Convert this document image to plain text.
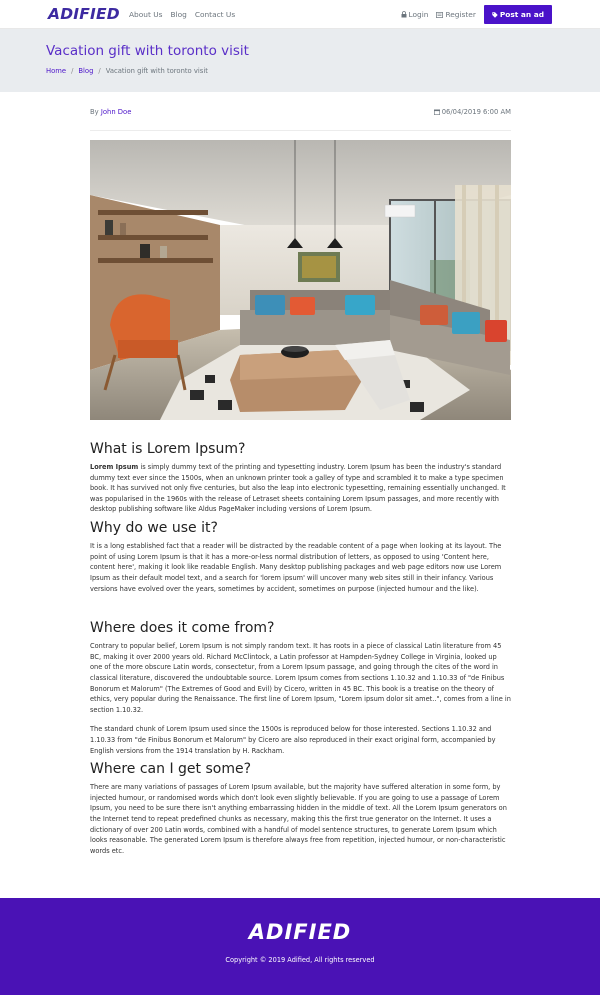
ADIFIED About Us Blog Contact Us	Login Register	Post an ad
Vacation gift with toronto visit
Home / Blog / Vacation gift with toronto visit
By John Doe	06/04/2019 6:00 AM
What is Lorem Ipsum?

Lorem Ipsum is simply dummy text of the printing and typesetting industry. Lorem Ipsum has been the industry's standard dummy text ever since the 1500s, when an unknown printer took a galley of type and scrambled it to make a type specimen book. It has survived not only five centuries, but also the leap into electronic typesetting, remaining essentially unchanged. It was popularised in the 1960s with the release of Letraset sheets containing Lorem Ipsum passages, and more recently with desktop publishing software like Aldus PageMaker including versions of Lorem Ipsum.

Why do we use it?

It is a long established fact that a reader will be distracted by the readable content of a page when looking at its layout. The point of using Lorem Ipsum is that it has a more-or-less normal distribution of letters, as opposed to using 'Content here, content here', making it look like readable English. Many desktop publishing packages and web page editors now use Lorem Ipsum as their default model text, and a search for 'lorem ipsum' will uncover many web sites still in their infancy. Various versions have evolved over the years, sometimes by accident, sometimes on purpose (injected humour and the like).

Where does it come from?

Contrary to popular belief, Lorem Ipsum is not simply random text. It has roots in a piece of classical Latin literature from 45 BC, making it over 2000 years old. Richard McClintock, a Latin professor at Hampden-Sydney College in Virginia, looked up one of the more obscure Latin words, consectetur, from a Lorem Ipsum passage, and going through the cites of the word in classical literature, discovered the undoubtable source. Lorem Ipsum comes from sections 1.10.32 and 1.10.33 of "de Finibus Bonorum et Malorum" (The Extremes of Good and Evil) by Cicero, written in 45 BC. This book is a treatise on the theory of ethics, very popular during the Renaissance. The first line of Lorem Ipsum, "Lorem ipsum dolor sit amet..", comes from a line in section 1.10.32.

The standard chunk of Lorem Ipsum used since the 1500s is reproduced below for those interested. Sections 1.10.32 and 1.10.33 from "de Finibus Bonorum et Malorum" by Cicero are also reproduced in their exact original form, accompanied by English versions from the 1914 translation by H. Rackham.

Where can I get some?

There are many variations of passages of Lorem Ipsum available, but the majority have suffered alteration in some form, by injected humour, or randomised words which don't look even slightly believable. If you are going to use a passage of Lorem Ipsum, you need to be sure there isn't anything embarrassing hidden in the middle of text. All the Lorem Ipsum generators on the Internet tend to repeat predefined chunks as necessary, making this the first true generator on the Internet. It uses a dictionary of over 200 Latin words, combined with a handful of model sentence structures, to generate Lorem Ipsum which looks reasonable. The generated Lorem Ipsum is therefore always free from repetition, injected humour, or non-characteristic words etc.

ADIFIED
Copyright © 2019 Adified, All rights reserved
